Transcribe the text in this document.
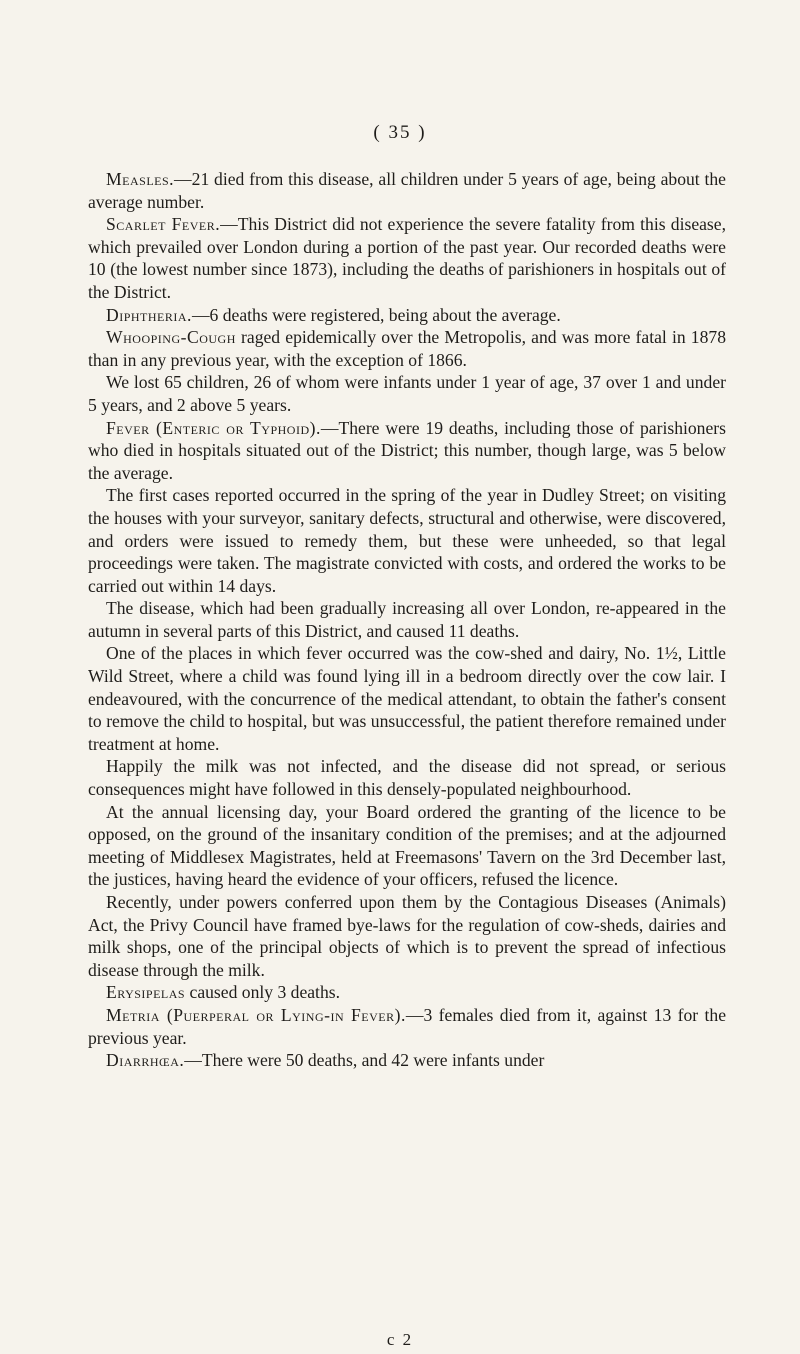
( 35 )

Measles.—21 died from this disease, all children under 5 years of age, being about the average number.

Scarlet Fever.—This District did not experience the severe fatality from this disease, which prevailed over London during a portion of the past year. Our recorded deaths were 10 (the lowest number since 1873), including the deaths of parishioners in hospitals out of the District.

Diphtheria.—6 deaths were registered, being about the average.

Whooping-Cough raged epidemically over the Metropolis, and was more fatal in 1878 than in any previous year, with the exception of 1866.

We lost 65 children, 26 of whom were infants under 1 year of age, 37 over 1 and under 5 years, and 2 above 5 years.

Fever (Enteric or Typhoid).—There were 19 deaths, including those of parishioners who died in hospitals situated out of the District; this number, though large, was 5 below the average.

The first cases reported occurred in the spring of the year in Dudley Street; on visiting the houses with your surveyor, sanitary defects, structural and otherwise, were discovered, and orders were issued to remedy them, but these were unheeded, so that legal proceedings were taken. The magistrate convicted with costs, and ordered the works to be carried out within 14 days.

The disease, which had been gradually increasing all over London, re-appeared in the autumn in several parts of this District, and caused 11 deaths.

One of the places in which fever occurred was the cow-shed and dairy, No. 1½, Little Wild Street, where a child was found lying ill in a bedroom directly over the cow lair. I endeavoured, with the concurrence of the medical attendant, to obtain the father's consent to remove the child to hospital, but was unsuccessful, the patient therefore remained under treatment at home.

Happily the milk was not infected, and the disease did not spread, or serious consequences might have followed in this densely-populated neighbourhood.

At the annual licensing day, your Board ordered the granting of the licence to be opposed, on the ground of the insanitary condition of the premises; and at the adjourned meeting of Middlesex Magistrates, held at Freemasons' Tavern on the 3rd December last, the justices, having heard the evidence of your officers, refused the licence.

Recently, under powers conferred upon them by the Contagious Diseases (Animals) Act, the Privy Council have framed bye-laws for the regulation of cow-sheds, dairies and milk shops, one of the principal objects of which is to prevent the spread of infectious disease through the milk.

Erysipelas caused only 3 deaths.

Metria (Puerperal or Lying-in Fever).—3 females died from it, against 13 for the previous year.

Diarrhœa.—There were 50 deaths, and 42 were infants under

c 2
